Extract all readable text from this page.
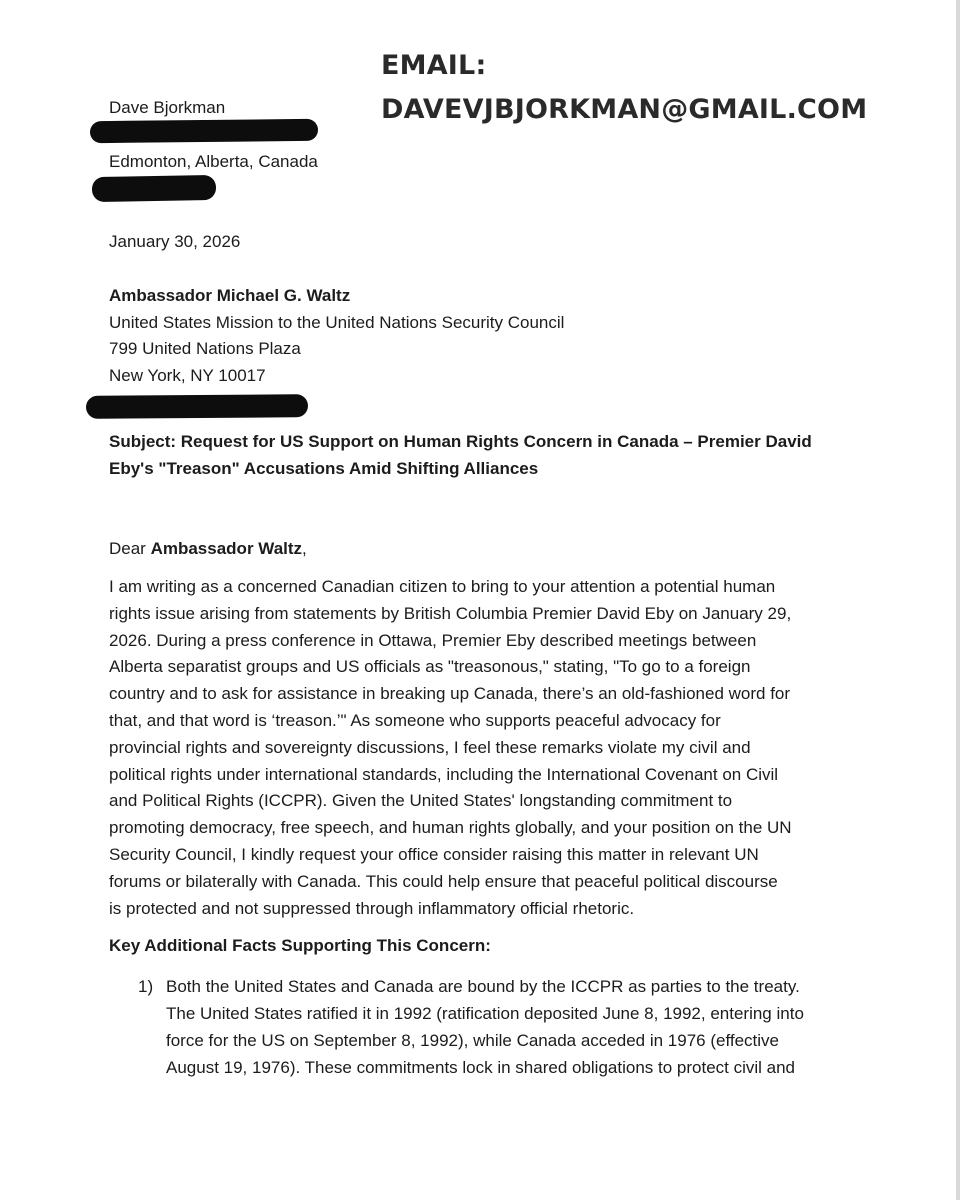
EMAIL:
DAVEVJBJORKMAN@GMAIL.COM
Dave Bjorkman
Edmonton, Alberta, Canada
January 30, 2026
Ambassador Michael G. Waltz
United States Mission to the United Nations Security Council
799 United Nations Plaza
New York, NY 10017
Subject: Request for US Support on Human Rights Concern in Canada – Premier David
Eby's "Treason" Accusations Amid Shifting Alliances
Dear Ambassador Waltz,
I am writing as a concerned Canadian citizen to bring to your attention a potential human
rights issue arising from statements by British Columbia Premier David Eby on January 29,
2026. During a press conference in Ottawa, Premier Eby described meetings between
Alberta separatist groups and US officials as "treasonous," stating, "To go to a foreign
country and to ask for assistance in breaking up Canada, there’s an old-fashioned word for
that, and that word is ‘treason.’" As someone who supports peaceful advocacy for
provincial rights and sovereignty discussions, I feel these remarks violate my civil and
political rights under international standards, including the International Covenant on Civil
and Political Rights (ICCPR). Given the United States' longstanding commitment to
promoting democracy, free speech, and human rights globally, and your position on the UN
Security Council, I kindly request your office consider raising this matter in relevant UN
forums or bilaterally with Canada. This could help ensure that peaceful political discourse
is protected and not suppressed through inflammatory official rhetoric.
Key Additional Facts Supporting This Concern:
1) Both the United States and Canada are bound by the ICCPR as parties to the treaty.
The United States ratified it in 1992 (ratification deposited June 8, 1992, entering into
force for the US on September 8, 1992), while Canada acceded in 1976 (effective
August 19, 1976). These commitments lock in shared obligations to protect civil and
